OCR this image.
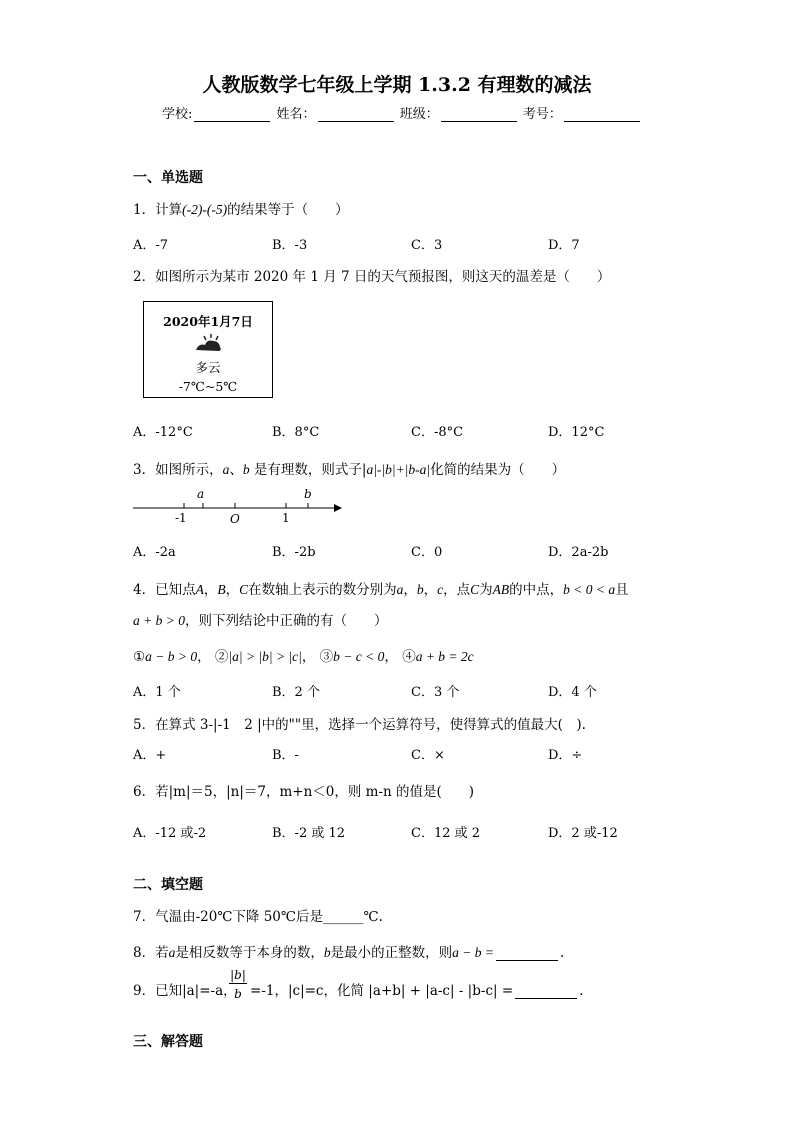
人教版数学七年级上学期 1.3.2 有理数的减法
学校:	姓名：	班级：	考号：
一、单选题
1．计算(-2)-(-5)的结果等于（　　）
A．-7	B．-3	C．3	D．7
2．如图所示为某市 2020 年 1 月 7 日的天气预报图，则这天的温差是（　　）
2020年1月7日
多云
-7℃~5℃
A．-12°C	B．8°C	C．-8°C	D．12°C
3．如图所示，a、b 是有理数，则式子|a|-|b|+|b-a|化简的结果为（　　）
a	b
-1	O	1
A．-2a	B．-2b	C．0	D．2a-2b
4．已知点A，B，C在数轴上表示的数分别为a，b，c，点C为AB的中点，b < 0 < a且
a + b > 0，则下列结论中正确的有（　　）
①a − b > 0， ②|a| > |b| > |c|， ③b − c < 0， ④a + b = 2c
A．1 个	B．2 个	C．3 个	D．4 个
5．在算式 3-|-1　2 |中的""里，选择一个运算符号，使得算式的值最大(　).
A．+	B．-	C．×	D．÷
6．若|m|＝5，|n|＝7，m+n＜0，则 m-n 的值是(　　)
A．-12 或-2	B．-2 或 12	C．12 或 2	D．2 或-12
二、填空题
7．气温由-20℃下降 50℃后是______℃.
8．若a是相反数等于本身的数，b是最小的正整数，则a − b =	.
9．已知|a|=-a，
|b|
b =-1，|c|=c，化简 |a+b| + |a-c| - |b-c| =	.
三、解答题
